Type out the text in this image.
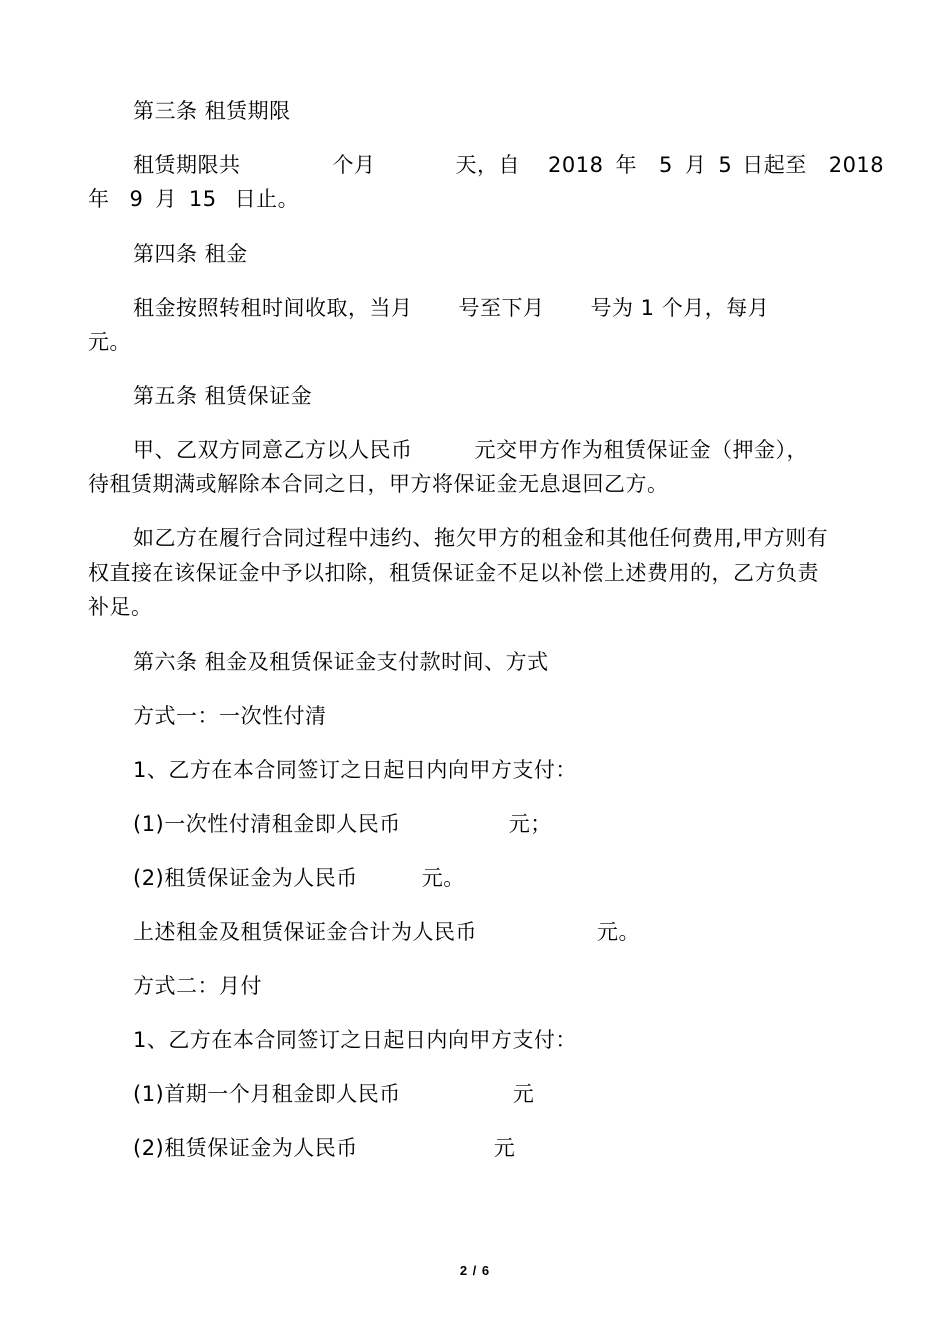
第三条 租赁期限
租赁期限共	个月	天，自 2018 年 5 月 5 日起至 2018
年 9 月 15 日止。
第四条 租金
租金按照转租时间收取，当月 号至下月 号为 1 个月，每月
元。
第五条 租赁保证金
甲、乙双方同意乙方以人民币	元交甲方作为租赁保证金（押金），
待租赁期满或解除本合同之日，甲方将保证金无息退回乙方。
如乙方在履行合同过程中违约、拖欠甲方的租金和其他任何费用,甲方则有
权直接在该保证金中予以扣除，租赁保证金不足以补偿上述费用的，乙方负责
补足。
第六条 租金及租赁保证金支付款时间、方式
方式一：一次性付清
1、乙方在本合同签订之日起日内向甲方支付：
(1)一次性付清租金即人民币	元；
(2)租赁保证金为人民币	元。
上述租金及租赁保证金合计为人民币	元。
方式二：月付
1、乙方在本合同签订之日起日内向甲方支付：
(1)首期一个月租金即人民币	元
(2)租赁保证金为人民币	元
2 / 6
